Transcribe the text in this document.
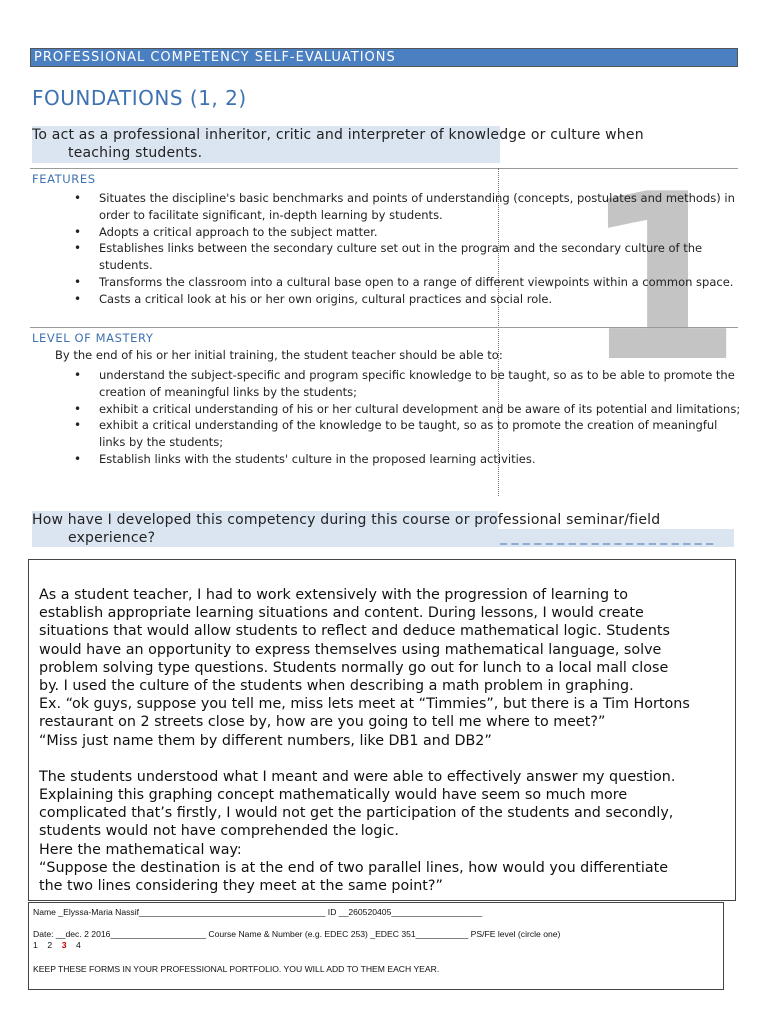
PROFESSIONAL COMPETENCY SELF-EVALUATIONS
FOUNDATIONS (1, 2)
To act as a professional inheritor, critic and interpreter of knowledge or culture when
teaching students.	1
FEATURES
• Situates the discipline's basic benchmarks and points of understanding (concepts, postulates and methods) in order to facilitate significant, in-depth learning by students.
• Adopts a critical approach to the subject matter.
• Establishes links between the secondary culture set out in the program and the secondary culture of the students.
• Transforms the classroom into a cultural base open to a range of different viewpoints within a common space.
• Casts a critical look at his or her own origins, cultural practices and social role.
LEVEL OF MASTERY
By the end of his or her initial training, the student teacher should be able to:
• understand the subject-specific and program specific knowledge to be taught, so as to be able to promote the creation of meaningful links by the students;
• exhibit a critical understanding of his or her cultural development and be aware of its potential and limitations;
• exhibit a critical understanding of the knowledge to be taught, so as to promote the creation of meaningful links by the students;
• Establish links with the students' culture in the proposed learning activities.
How have I developed this competency during this course or professional seminar/field
experience?	_ _ _ _ _ _ _ _ _ _ _ _ _ _ _ _ _ _ _

As a student teacher, I had to work extensively with the progression of learning to
establish appropriate learning situations and content. During lessons, I would create
situations that would allow students to reflect and deduce mathematical logic. Students
would have an opportunity to express themselves using mathematical language, solve
problem solving type questions. Students normally go out for lunch to a local mall close
by. I used the culture of the students when describing a math problem in graphing.
Ex. “ok guys, suppose you tell me, miss lets meet at “Timmies”, but there is a Tim Hortons
restaurant on 2 streets close by, how are you going to tell me where to meet?”
“Miss just name them by different numbers, like DB1 and DB2”

The students understood what I meant and were able to effectively answer my question.
Explaining this graphing concept mathematically would have seem so much more
complicated that’s firstly, I would not get the participation of the students and secondly,
students would not have comprehended the logic.
Here the mathematical way:
“Suppose the destination is at the end of two parallel lines, how would you differentiate
the two lines considering they meet at the same point?”

Name _Elyssa-Maria Nassif_______________________________________ ID __260520405___________________
Date: __dec. 2 2016____________________ Course Name & Number (e.g. EDEC 253) _EDEC 351___________ PS/FE level (circle one)
1 2 3 4
KEEP THESE FORMS IN YOUR PROFESSIONAL PORTFOLIO. YOU WILL ADD TO THEM EACH YEAR.
